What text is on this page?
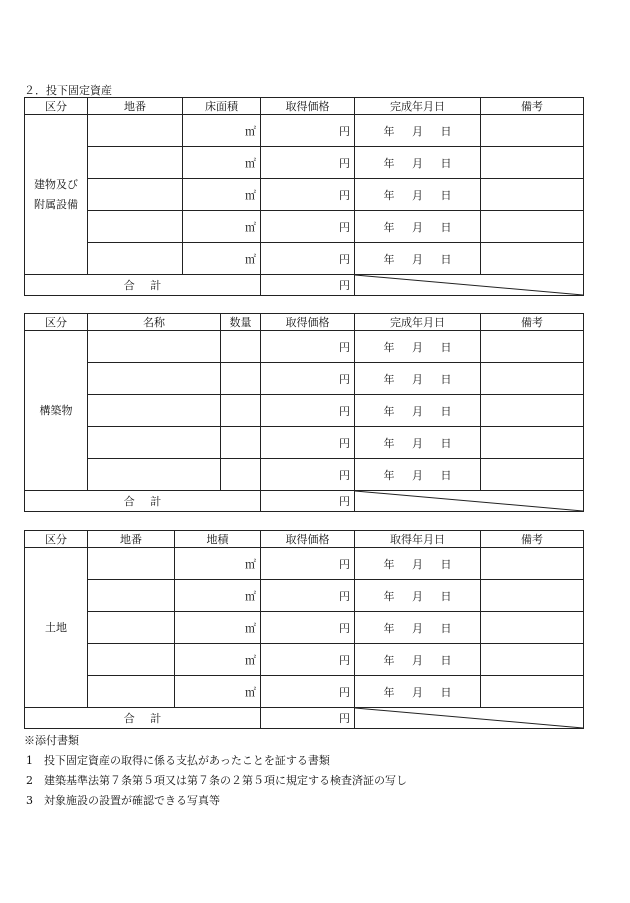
２．投下固定資産
区分	地番	床面積	取得価格	完成年月日	備考
建物及び
附属設備		㎡	円	年 月 日	
		㎡	円	年 月 日	
		㎡	円	年 月 日	
		㎡	円	年 月 日	
		㎡	円	年 月 日	
合 計			円	
区分	名称	数量	取得価格	完成年月日	備考
構築物			円	年 月 日	
			円	年 月 日	
			円	年 月 日	
			円	年 月 日	
			円	年 月 日	
合 計			円	
区分	地番	地積	取得価格	取得年月日	備考
土地		㎡	円	年 月 日	
		㎡	円	年 月 日	
		㎡	円	年 月 日	
		㎡	円	年 月 日	
		㎡	円	年 月 日	
合 計			円	
※添付書類
1 投下固定資産の取得に係る支払があったことを証する書類
2 建築基準法第７条第５項又は第７条の２第５項に規定する検査済証の写し
3 対象施設の設置が確認できる写真等
